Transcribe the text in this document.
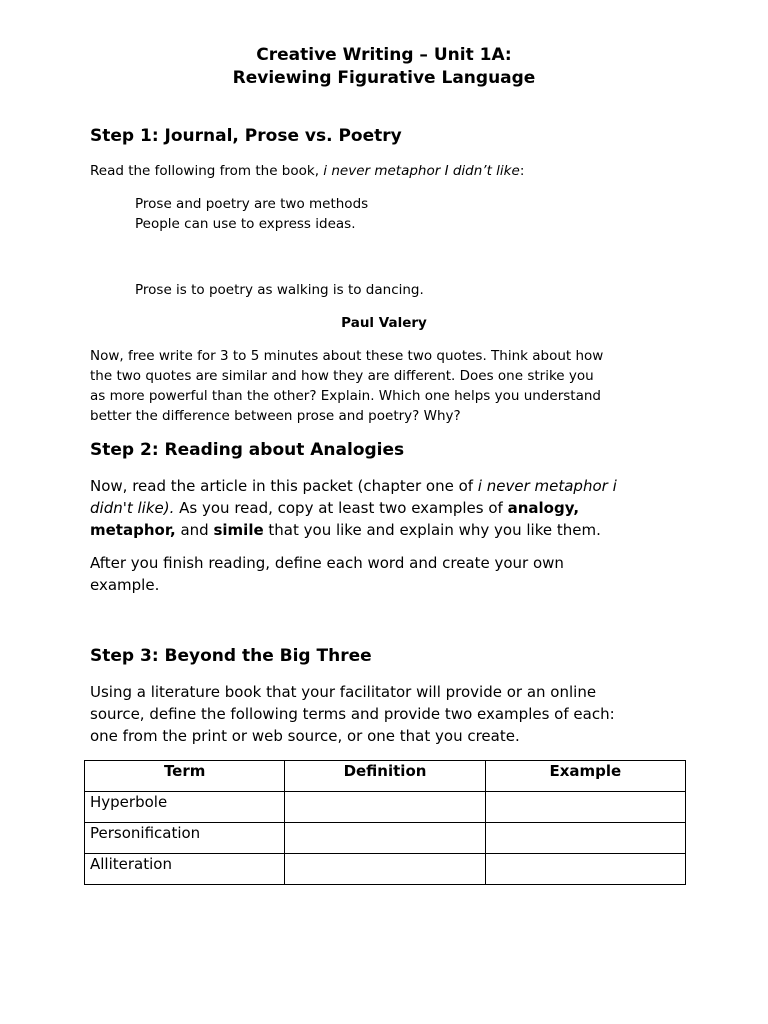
Creative Writing – Unit 1A:
Reviewing Figurative Language
Step 1: Journal, Prose vs. Poetry
Read the following from the book, i never metaphor I didn’t like:
Prose and poetry are two methods
People can use to express ideas.
Prose is to poetry as walking is to dancing.
Paul Valery
Now, free write for 3 to 5 minutes about these two quotes. Think about how
the two quotes are similar and how they are different. Does one strike you
as more powerful than the other? Explain. Which one helps you understand
better the difference between prose and poetry? Why?
Step 2: Reading about Analogies
Now, read the article in this packet (chapter one of i never metaphor i
didn't like). As you read, copy at least two examples of analogy,
metaphor, and simile that you like and explain why you like them.
After you finish reading, define each word and create your own
example.
Step 3: Beyond the Big Three
Using a literature book that your facilitator will provide or an online
source, define the following terms and provide two examples of each:
one from the print or web source, or one that you create.
Term	Definition	Example
Hyperbole		
Personification		
Alliteration		
